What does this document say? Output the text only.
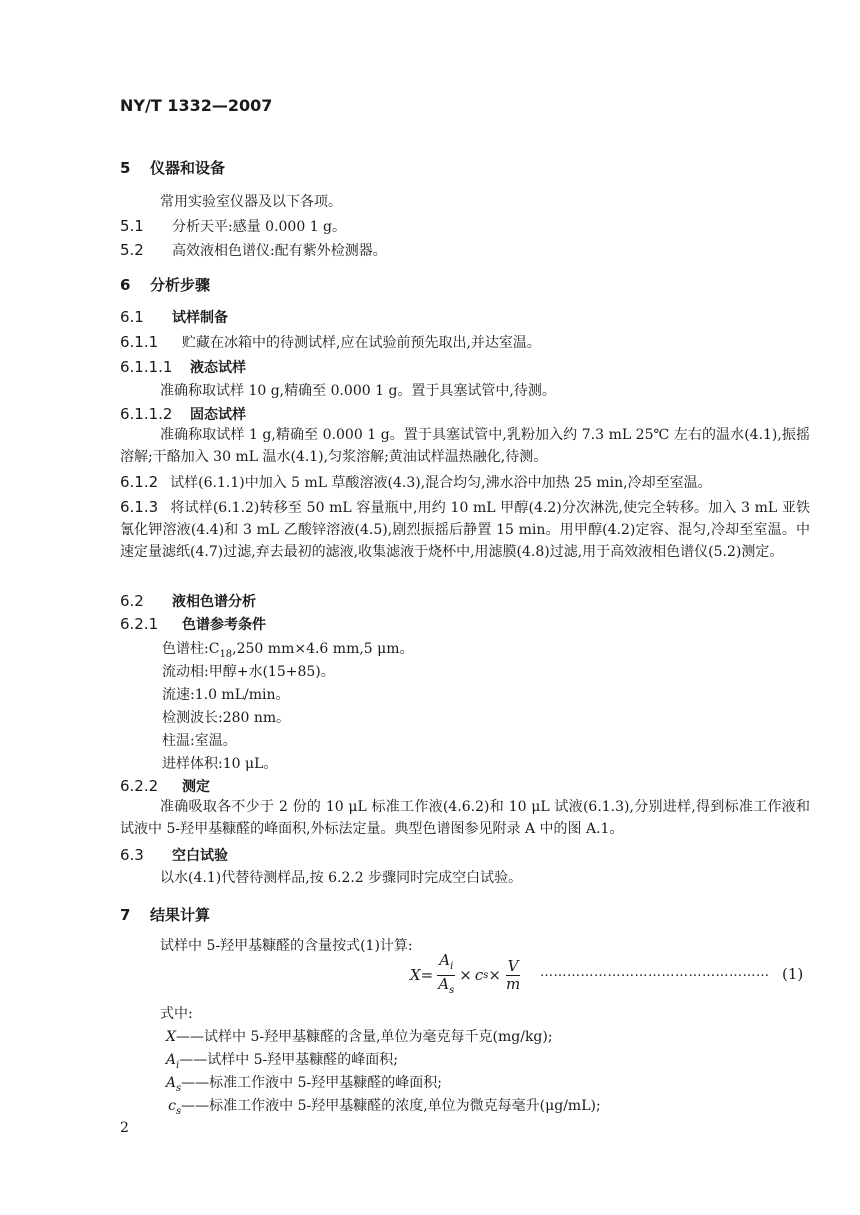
NY/T 1332—2007
5 仪器和设备
常用实验室仪器及以下各项。
5.1 分析天平:感量 0.000 1 g。
5.2 高效液相色谱仪:配有紫外检测器。
6 分析步骤
6.1 试样制备
6.1.1 贮藏在冰箱中的待测试样,应在试验前预先取出,并达室温。
6.1.1.1 液态试样
准确称取试样 10 g,精确至 0.000 1 g。置于具塞试管中,待测。
6.1.1.2 固态试样
准确称取试样 1 g,精确至 0.000 1 g。置于具塞试管中,乳粉加入约 7.3 mL 25℃ 左右的温水(4.1),振摇溶解;干酪加入 30 mL 温水(4.1),匀浆溶解;黄油试样温热融化,待测。
6.1.2 试样(6.1.1)中加入 5 mL 草酸溶液(4.3),混合均匀,沸水浴中加热 25 min,冷却至室温。
6.1.3 将试样(6.1.2)转移至 50 mL 容量瓶中,用约 10 mL 甲醇(4.2)分次淋洗,使完全转移。加入 3 mL 亚铁氰化钾溶液(4.4)和 3 mL 乙酸锌溶液(4.5),剧烈振摇后静置 15 min。用甲醇(4.2)定容、混匀,冷却至室温。中速定量滤纸(4.7)过滤,弃去最初的滤液,收集滤液于烧杯中,用滤膜(4.8)过滤,用于高效液相色谱仪(5.2)测定。
6.2 液相色谱分析
6.2.1 色谱参考条件
色谱柱$:C_{18},250$ mm×4.6 mm,5 μm。
流动相:甲醇+水(15+85)。
流速:1.0 mL/min。
检测波长:280 nm。
柱温:室温。
进样体积:10 μL。
6.2.2 测定
准确吸取各不少于 2 份的 10 μL 标准工作液(4.6.2)和 10 μL 试液(6.1.3),分别进样,得到标准工作液和试液中 5-羟甲基糠醛的峰面积,外标法定量。典型色谱图参见附录 A 中的图 A.1。
6.3 空白试验
以水(4.1)代替待测样品,按 6.2.2 步骤同时完成空白试验。
7 结果计算
试样中 5-羟甲基糠醛的含量按式(1)计算:
$X= \frac{A_i}{A_s} \times c$ $s \times \frac{V}{m}$ …………………………………………… (1)
式中:
X——试样中 5-羟甲基糠醛的含量,单位为毫克每千克(mg/kg);
$A_i——$试样中 5-羟甲基糠醛的峰面积;
$A_s——$标准工作液中 5-羟甲基糠醛的峰面积;
$c_s——$标准工作液中 5-羟甲基糠醛的浓度,单位为微克每毫升(μg/mL);
2
